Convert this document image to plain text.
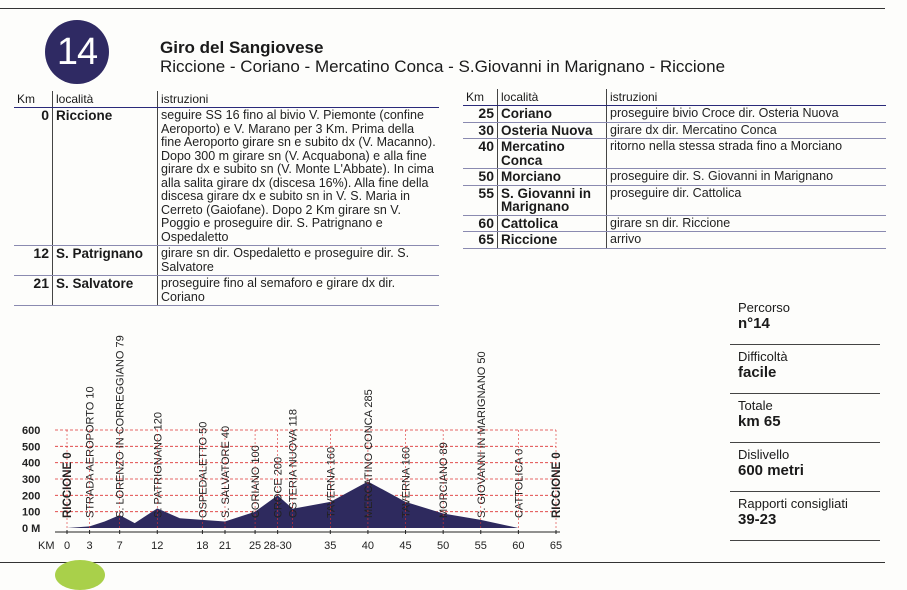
14	Giro del Sangiovese
Riccione - Coriano - Mercatino Conca - S.Giovanni in Marignano - Riccione
Km	località	istruzioni
0	Riccione	seguire SS 16 fino al bivio V. Piemonte (confine Aeroporto) e V. Marano per 3 Km. Prima della fine Aeroporto girare sn e subito dx (V. Macanno). Dopo 300 m girare sn (V. Acquabona) e alla fine girare dx e subito sn (V. Monte L'Abbate). In cima alla salita girare dx (discesa 16%). Alla fine della discesa girare dx e subito sn in V. S. Maria in Cerreto (Gaiofane). Dopo 2 Km girare sn V. Poggio e proseguire dir. S. Patrignano e Ospedaletto
12	S. Patrignano	girare sn dir. Ospedaletto e proseguire dir. S. Salvatore
21	S. Salvatore	proseguire fino al semaforo e girare dx dir. Coriano
Km	località	istruzioni
25	Coriano	proseguire bivio Croce dir. Osteria Nuova
30	Osteria Nuova	girare dx dir. Mercatino Conca
40	Mercatino Conca	ritorno nella stessa strada fino a Morciano
50	Morciano	proseguire dir. S. Giovanni in Marignano
55	S. Giovanni in Marignano	proseguire dir. Cattolica
60	Cattolica	girare sn dir. Riccione
65	Riccione	arrivo
Percorso
n°14
Difficoltà
facile
Totale
km 65
Dislivello
600 metri
Rapporti consigliati
39-23
0 M
100
200
300
400
500
600
KM 0 3 7	12	18 21 25 28-30	35 40 45 50 55 60 65
RICCIONE 0 STRADA AEROPORTO 10 S. LORENZO IN CORREGGIANO 79 S. PATRIGNANO 120	OSPEDALETTO 50 S. SALVATORE 40 CORIANO 100 CROCE 200 OSTERIA NUOVA 118 TAVERNA 160 MERCATINO CONCA 285 TAVERNA 160 MORCIANO 89 S. GIOVANNI IN MARIGNANO 50 CATTOLICA 0 RICCIONE 0
